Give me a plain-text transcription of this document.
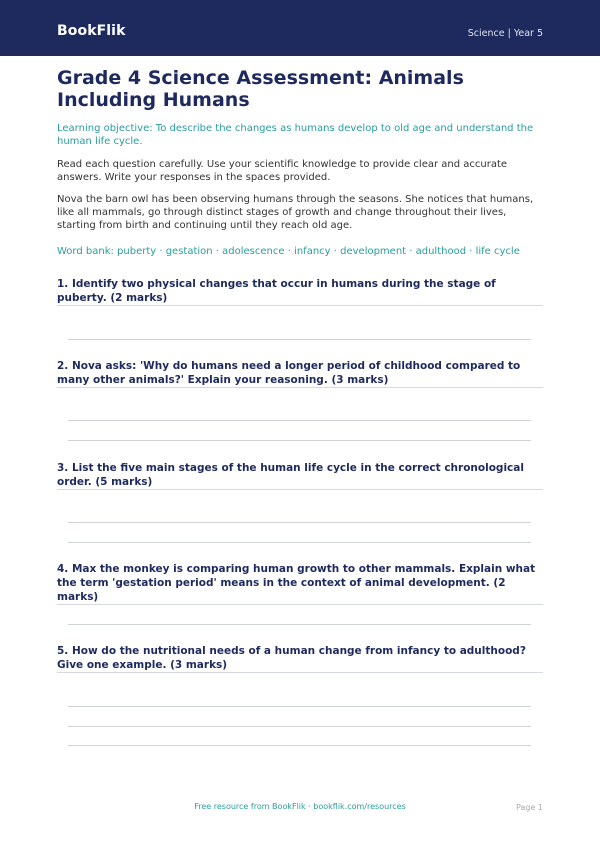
BookFlik	Science | Year 5
Grade 4 Science Assessment: Animals Including Humans
Learning objective: To describe the changes as humans develop to old age and understand the human life cycle.
Read each question carefully. Use your scientific knowledge to provide clear and accurate answers. Write your responses in the spaces provided.
Nova the barn owl has been observing humans through the seasons. She notices that humans, like all mammals, go through distinct stages of growth and change throughout their lives, starting from birth and continuing until they reach old age.
Word bank: puberty · gestation · adolescence · infancy · development · adulthood · life cycle
1. Identify two physical changes that occur in humans during the stage of puberty. (2 marks)
2. Nova asks: 'Why do humans need a longer period of childhood compared to many other animals?' Explain your reasoning. (3 marks)
3. List the five main stages of the human life cycle in the correct chronological order. (5 marks)
4. Max the monkey is comparing human growth to other mammals. Explain what the term 'gestation period' means in the context of animal development. (2 marks)
5. How do the nutritional needs of a human change from infancy to adulthood? Give one example. (3 marks)
Free resource from BookFlik · bookflik.com/resources	Page 1
